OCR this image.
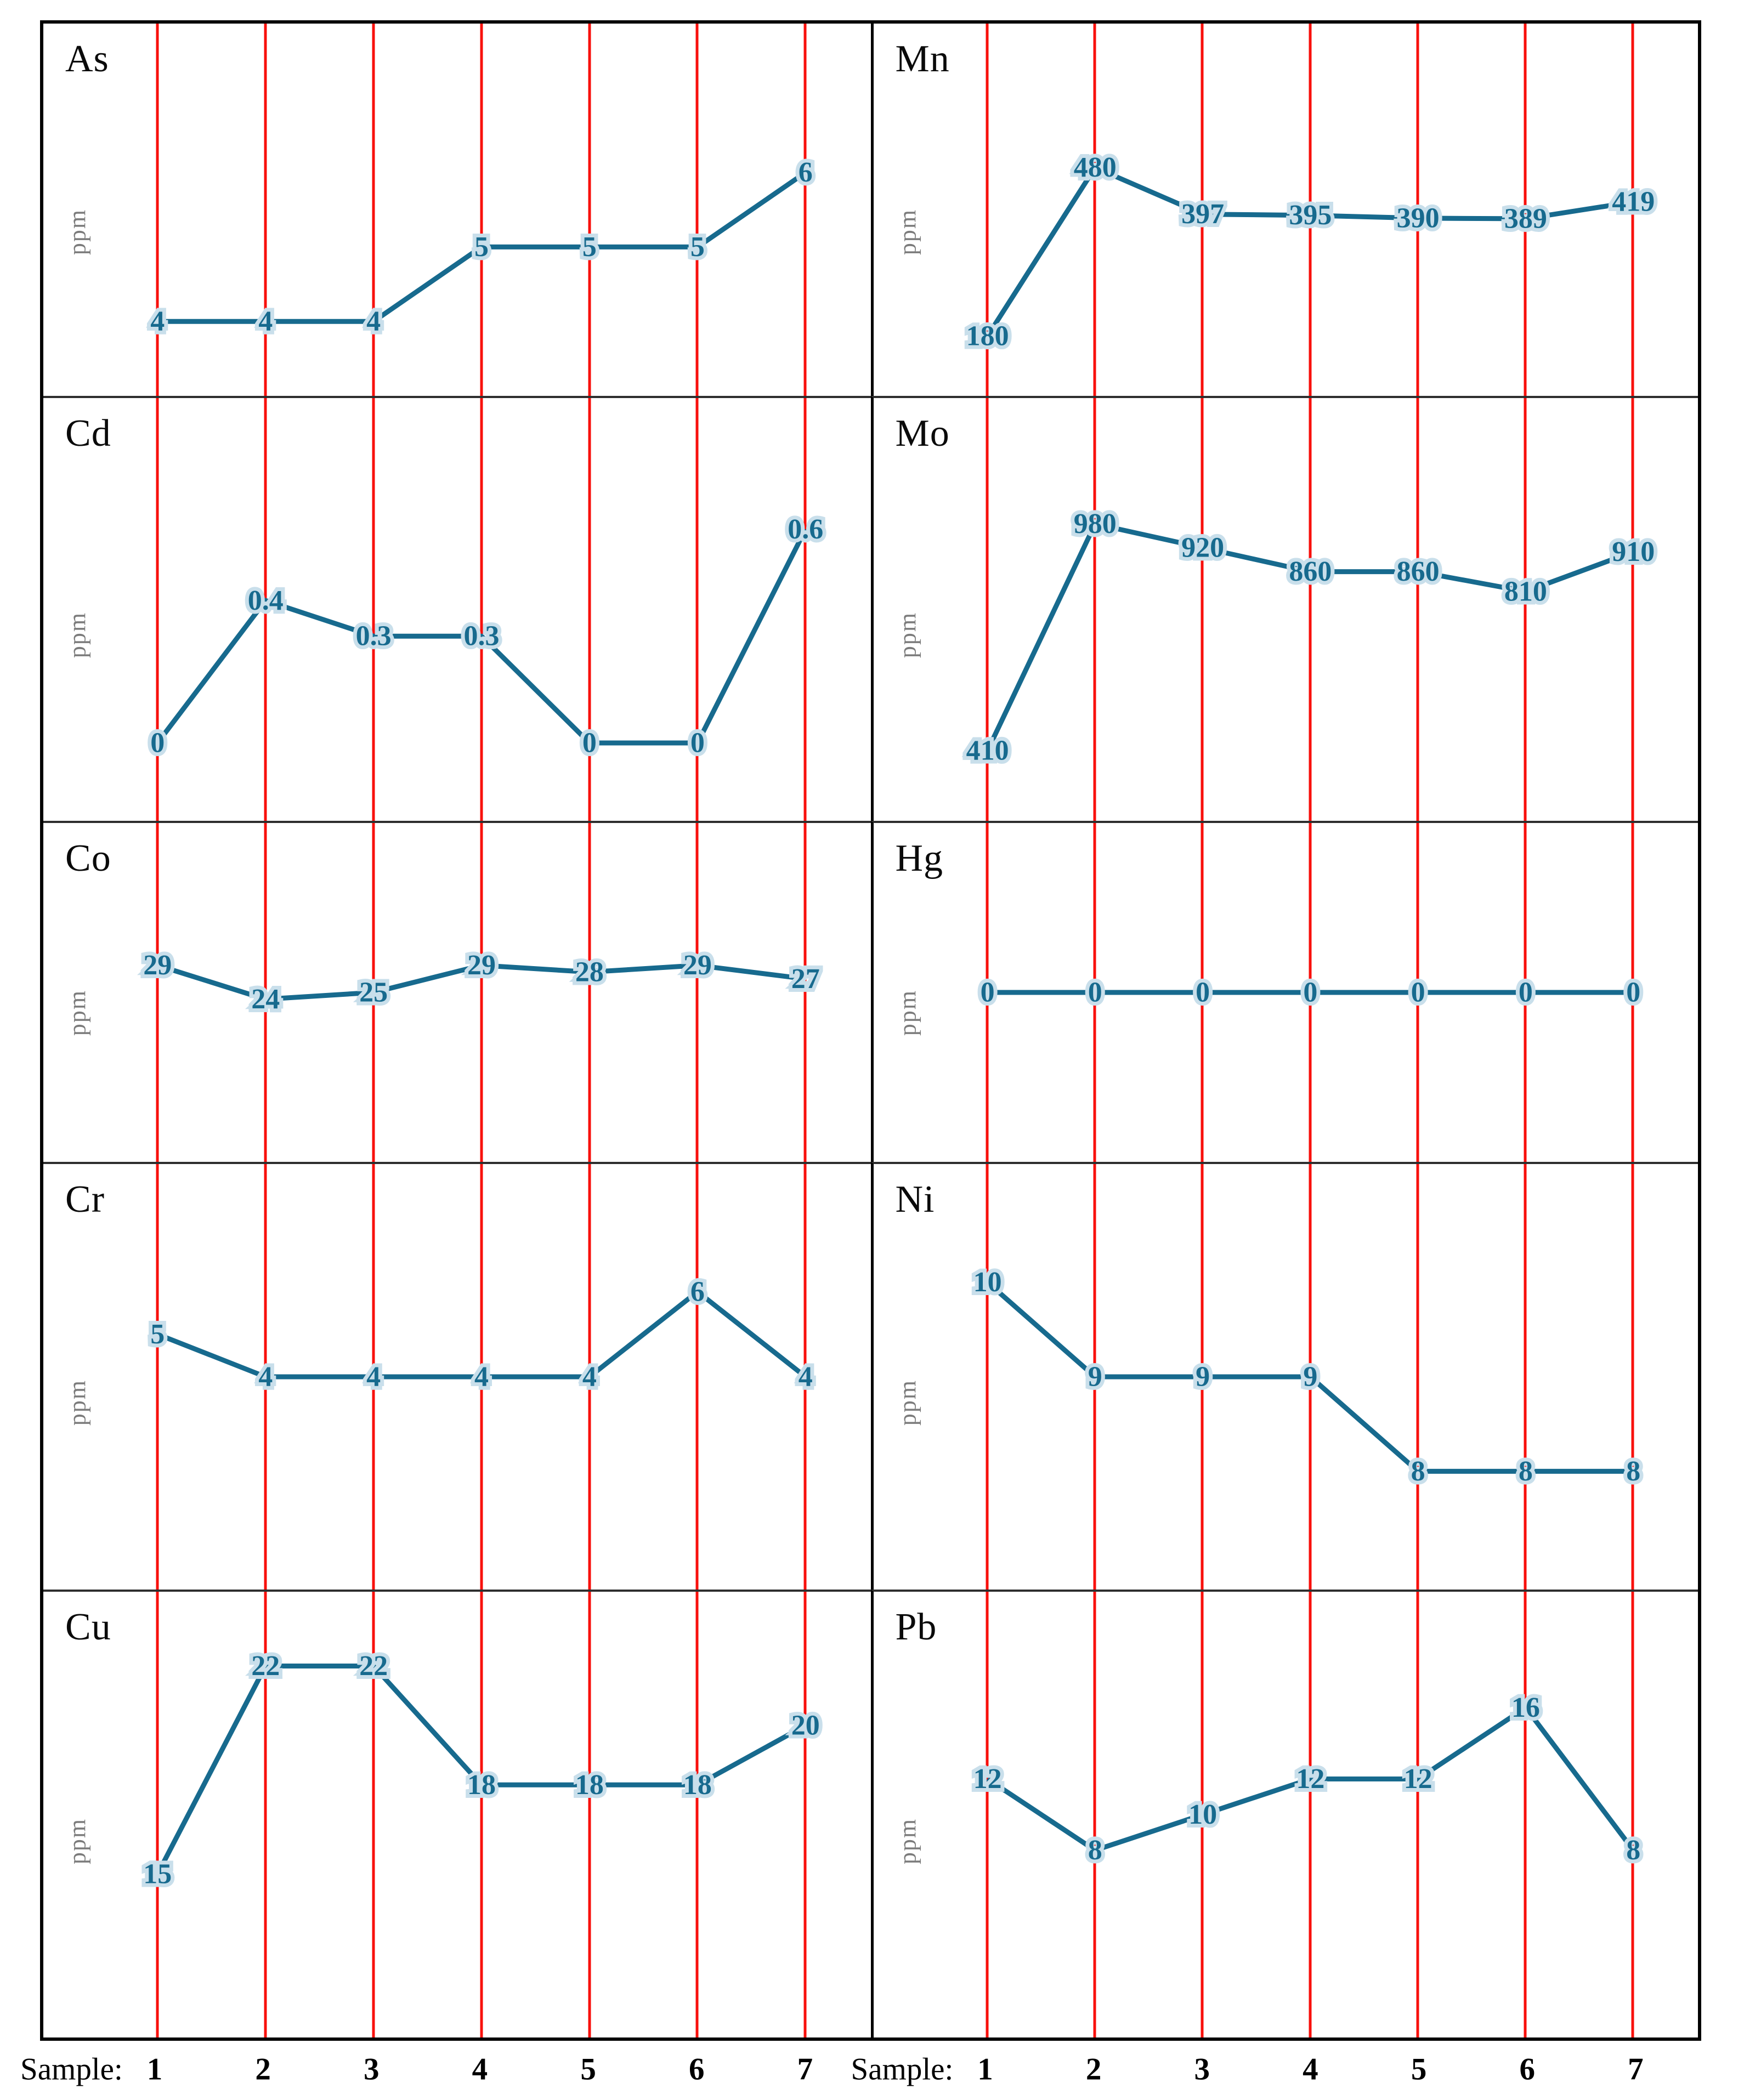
4	4	4
5	5	5
6
As
ppm
180
480
397 395 390 389
419
Mn
ppm
0
0.4
0.3	0.3
0	0
0.6
Cd
ppm
410
980
920
860 860
810
910
Mo
ppm
29
24	25
29	28	29	27
Co
ppm	0	0	0	0	0	0	0
Hg
ppm
5
4	4	4	4
6
4
Cr
ppm
10
9	9	9
8	8	8
Ni
ppm
15
22	22
18	18	18
20
Cu
ppm
12
8
10
12	12
16
8
Pb
ppm
Sample: 1	2	3	4	5	6	7 Sample: 1	2	3	4	5	6	7
